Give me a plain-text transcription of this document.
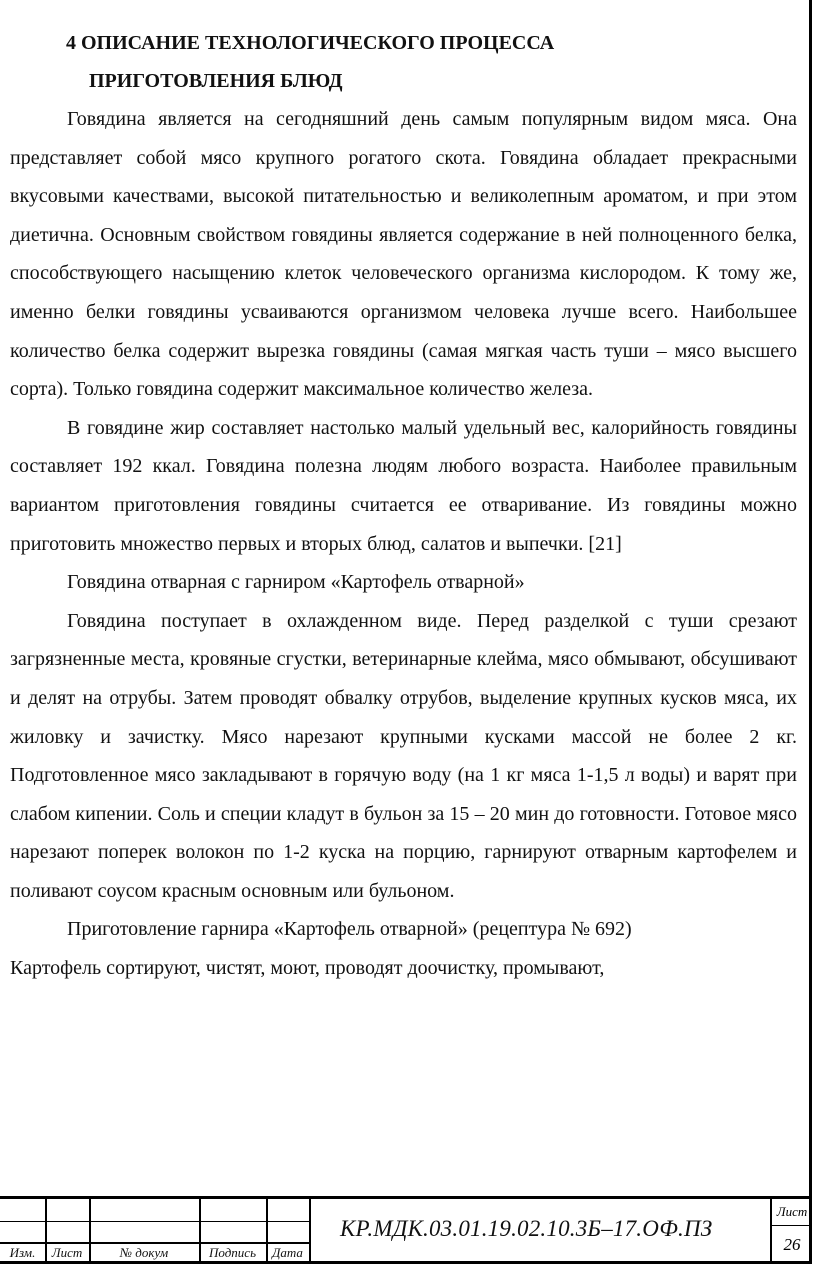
4 ОПИСАНИЕ ТЕХНОЛОГИЧЕСКОГО ПРОЦЕССА
ПРИГОТОВЛЕНИЯ БЛЮД

Говядина является на сегодняшний день самым популярным видом мяса. Она представляет собой мясо крупного рогатого скота. Говядина обладает прекрасными вкусовыми качествами, высокой питательностью и великолепным ароматом, и при этом диетична. Основным свойством говядины является содержание в ней полноценного белка, способствующего насыщению клеток человеческого организма кислородом. К тому же, именно белки говядины усваиваются организмом человека лучше всего. Наибольшее количество белка содержит вырезка говядины (самая мягкая часть туши – мясо высшего сорта). Только говядина содержит максимальное количество железа.

В говядине жир составляет настолько малый удельный вес, калорийность говядины составляет 192 ккал. Говядина полезна людям любого возраста. Наиболее правильным вариантом приготовления говядины считается ее отваривание. Из говядины можно приготовить множество первых и вторых блюд, салатов и выпечки. [21]

Говядина отварная с гарниром «Картофель отварной»

Говядина поступает в охлажденном виде. Перед разделкой с туши срезают загрязненные места, кровяные сгустки, ветеринарные клейма, мясо обмывают, обсушивают и делят на отрубы. Затем проводят обвалку отрубов, выделение крупных кусков мяса, их жиловку и зачистку. Мясо нарезают крупными кусками массой не более 2 кг. Подготовленное мясо закладывают в горячую воду (на 1 кг мяса 1-1,5 л воды) и варят при слабом кипении. Соль и специи кладут в бульон за 15 – 20 мин до готовности. Готовое мясо нарезают поперек волокон по 1-2 куска на порцию, гарнируют отварным картофелем и поливают соусом красным основным или бульоном.

Приготовление гарнира «Картофель отварной» (рецептура № 692)

Картофель сортируют, чистят, моют, проводят доочистку, промывают,

Изм.	Лист	№ докум	Подпись	Дата
КР.МДК.03.01.19.02.10.3Б–17.ОФ.ПЗ
Лист
26
